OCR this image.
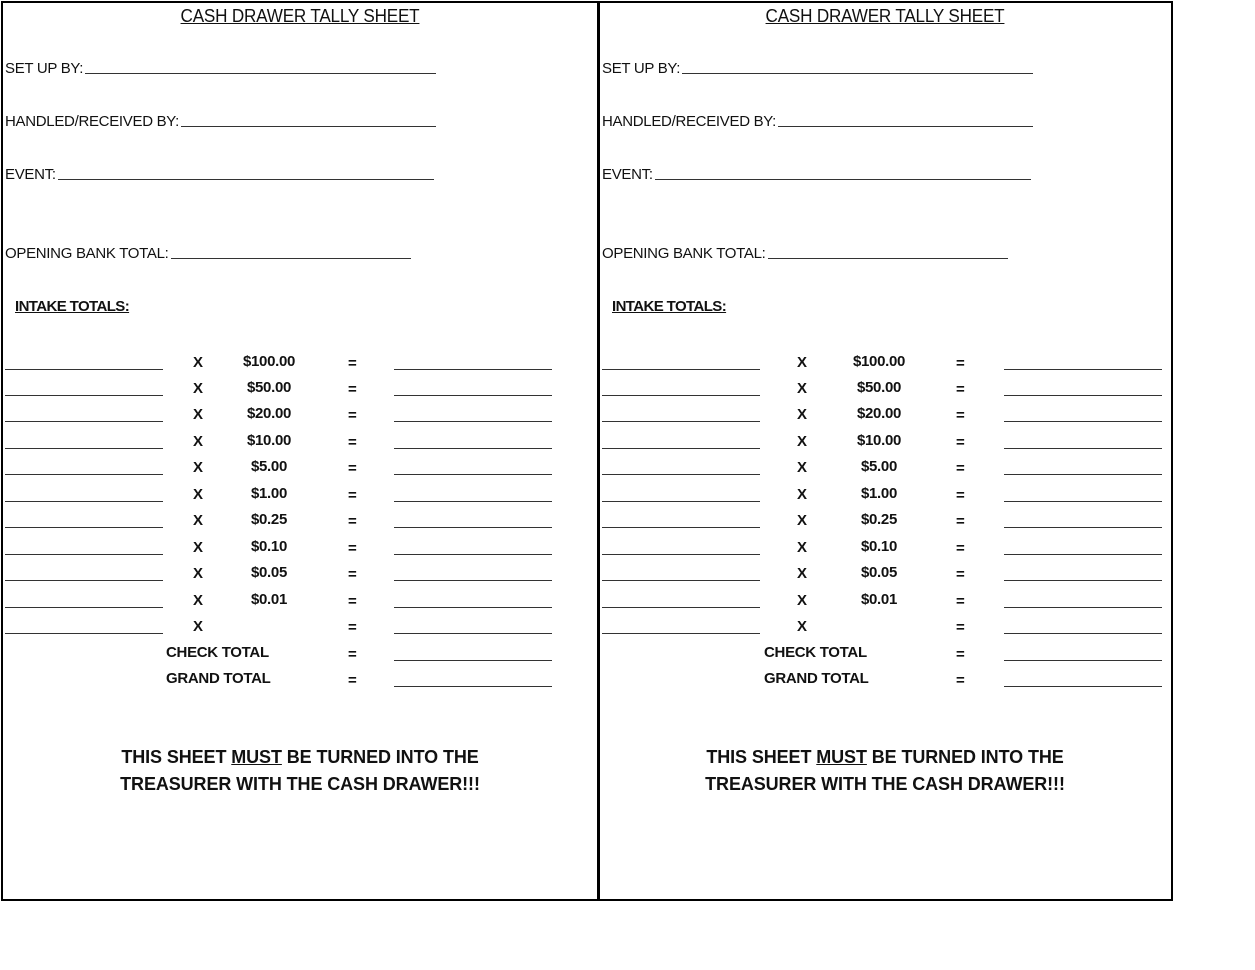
CASH DRAWER TALLY SHEET
SET UP BY:
HANDLED/RECEIVED BY:
EVENT:
OPENING BANK TOTAL:
INTAKE TOTALS:
X	$100.00	=
X	$50.00	=
X	$20.00	=
X	$10.00	=
X	$5.00	=
X	$1.00	=
X	$0.25	=
X	$0.10	=
X	$0.05	=
X	$0.01	=
X	=
CHECK TOTAL	=
GRAND TOTAL	=
THIS SHEET MUST BE TURNED INTO THE
TREASURER WITH THE CASH DRAWER!!!
CASH DRAWER TALLY SHEET
SET UP BY:
HANDLED/RECEIVED BY:
EVENT:
OPENING BANK TOTAL:
INTAKE TOTALS:
X	$100.00	=
X	$50.00	=
X	$20.00	=
X	$10.00	=
X	$5.00	=
X	$1.00	=
X	$0.25	=
X	$0.10	=
X	$0.05	=
X	$0.01	=
X	=
CHECK TOTAL	=
GRAND TOTAL	=
THIS SHEET MUST BE TURNED INTO THE
TREASURER WITH THE CASH DRAWER!!!
